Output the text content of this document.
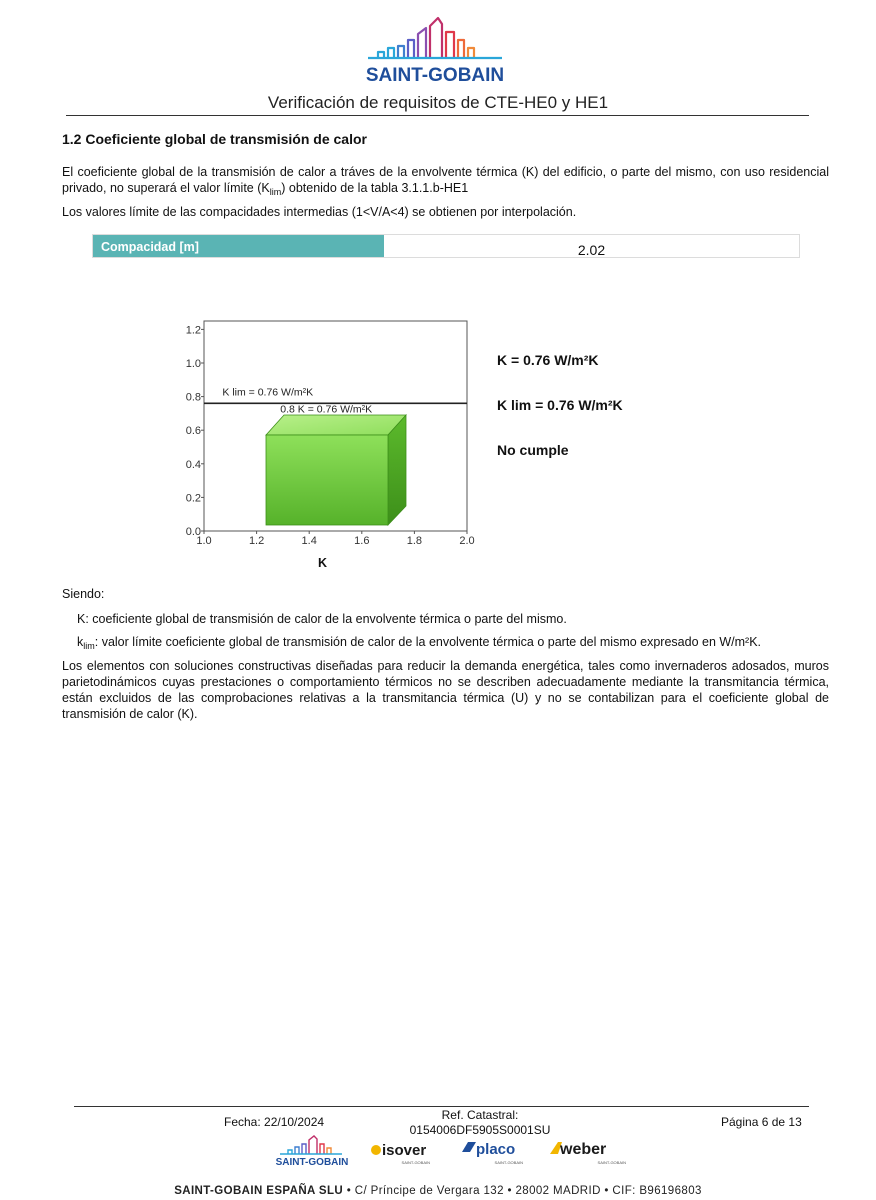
SAINT-GOBAIN
Verificación de requisitos de CTE-HE0 y HE1
1.2 Coeficiente global de transmisión de calor
El coeficiente global de la transmisión de calor a tráves de la envolvente térmica (K) del edificio, o parte del mismo, con uso residencial privado, no superará el valor límite $(K_{lim})$ obtenido de la tabla 3.1.1.b-HE1
Los valores límite de las compacidades intermedias (1<V/A<4) se obtienen por interpolación.
Compacidad [m]	2.02
0.0
0.2
0.4
0.6
0.8
1.0
1.2
1.0	1.2	1.4	1.6	1.8	2.0
K lim = 0.76 W/m²K
0.8 K = 0.76 W/m²K
K
K = 0.76 W/m²K
K lim = 0.76 W/m²K
No cumple
Siendo:
K: coeficiente global de transmisión de calor de la envolvente térmica o parte del mismo.
$k_{lim}$: valor límite coeficiente global de transmisión de calor de la envolvente térmica o parte del mismo expresado en W/m²K.
Los elementos con soluciones constructivas diseñadas para reducir la demanda energética, tales como invernaderos adosados, muros parietodinámicos cuyas prestaciones o comportamiento térmicos no se describen adecuadamente mediante la transmitancia térmica, están excluidos de las comprobaciones relativas a la transmitancia térmica (U) y no se contabilizan para el coeficiente global de transmisión de calor (K).
Fecha: 22/10/2024	Ref. Catastral:
0154006DF5905S0001SU
Página 6 de 13
SAINT-GOBAIN
isover
SAINT-GOBAIN
placo
SAINT-GOBAIN
weber
SAINT-GOBAIN
SAINT-GOBAIN ESPAÑA SLU • C/ Príncipe de Vergara 132 • 28002 MADRID • CIF: B96196803
